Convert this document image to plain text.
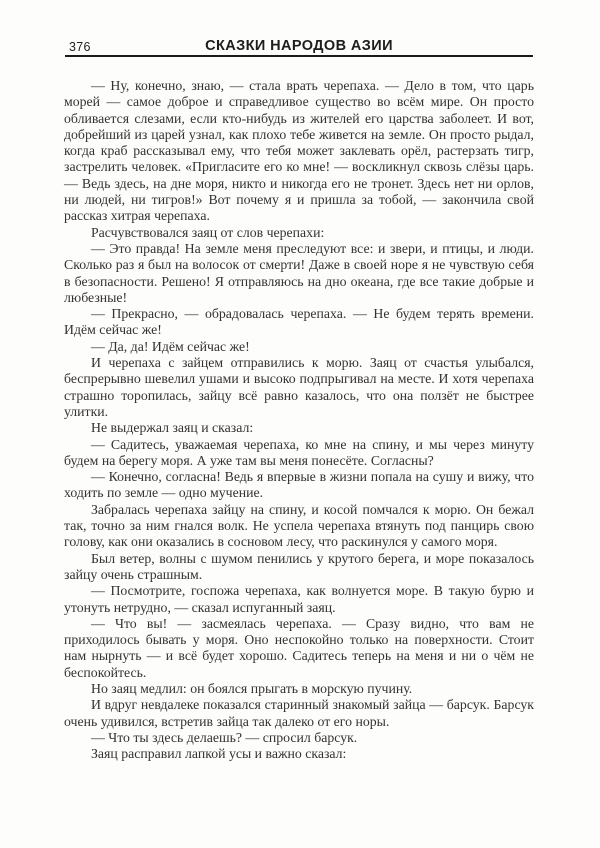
376	СКАЗКИ НАРОДОВ АЗИИ

— Ну, конечно, знаю, — стала врать черепаха. — Дело в том, что царь морей — самое доброе и справедливое существо во всём мире. Он просто обливается слезами, если кто-нибудь из жителей его царства заболеет. И вот, добрейший из царей узнал, как плохо тебе живется на земле. Он просто рыдал, когда краб рассказывал ему, что тебя может заклевать орёл, растерзать тигр, застрелить человек. «Пригласите его ко мне! — воскликнул сквозь слёзы царь. — Ведь здесь, на дне моря, никто и никогда его не тронет. Здесь нет ни орлов, ни людей, ни тигров!» Вот почему я и пришла за тобой, — закончила свой рассказ хитрая черепаха.

Расчувствовался заяц от слов черепахи:

— Это правда! На земле меня преследуют все: и звери, и птицы, и люди. Сколько раз я был на волосок от смерти! Даже в своей норе я не чувствую себя в безопасности. Решено! Я отправляюсь на дно океана, где все такие добрые и любезные!

— Прекрасно, — обрадовалась черепаха. — Не будем терять времени. Идём сейчас же!

— Да, да! Идём сейчас же!

И черепаха с зайцем отправились к морю. Заяц от счастья улыбался, беспрерывно шевелил ушами и высоко подпрыгивал на месте. И хотя черепаха страшно торопилась, зайцу всё равно казалось, что она ползёт не быстрее улитки.

Не выдержал заяц и сказал:

— Садитесь, уважаемая черепаха, ко мне на спину, и мы через минуту будем на берегу моря. А уже там вы меня понесёте. Согласны?

— Конечно, согласна! Ведь я впервые в жизни попала на сушу и вижу, что ходить по земле — одно мучение.

Забралась черепаха зайцу на спину, и косой помчался к морю. Он бежал так, точно за ним гнался волк. Не успела черепаха втянуть под панцирь свою голову, как они оказались в сосновом лесу, что раскинулся у самого моря.

Был ветер, волны с шумом пенились у крутого берега, и море показалось зайцу очень страшным.

— Посмотрите, госпожа черепаха, как волнуется море. В такую бурю и утонуть нетрудно, — сказал испуганный заяц.

— Что вы! — засмеялась черепаха. — Сразу видно, что вам не приходилось бывать у моря. Оно неспокойно только на поверхности. Стоит нам нырнуть — и всё будет хорошо. Садитесь теперь на меня и ни о чём не беспокойтесь.

Но заяц медлил: он боялся прыгать в морскую пучину.

И вдруг невдалеке показался старинный знакомый зайца — барсук. Барсук очень удивился, встретив зайца так далеко от его норы.

— Что ты здесь делаешь? — спросил барсук.

Заяц расправил лапкой усы и важно сказал:
